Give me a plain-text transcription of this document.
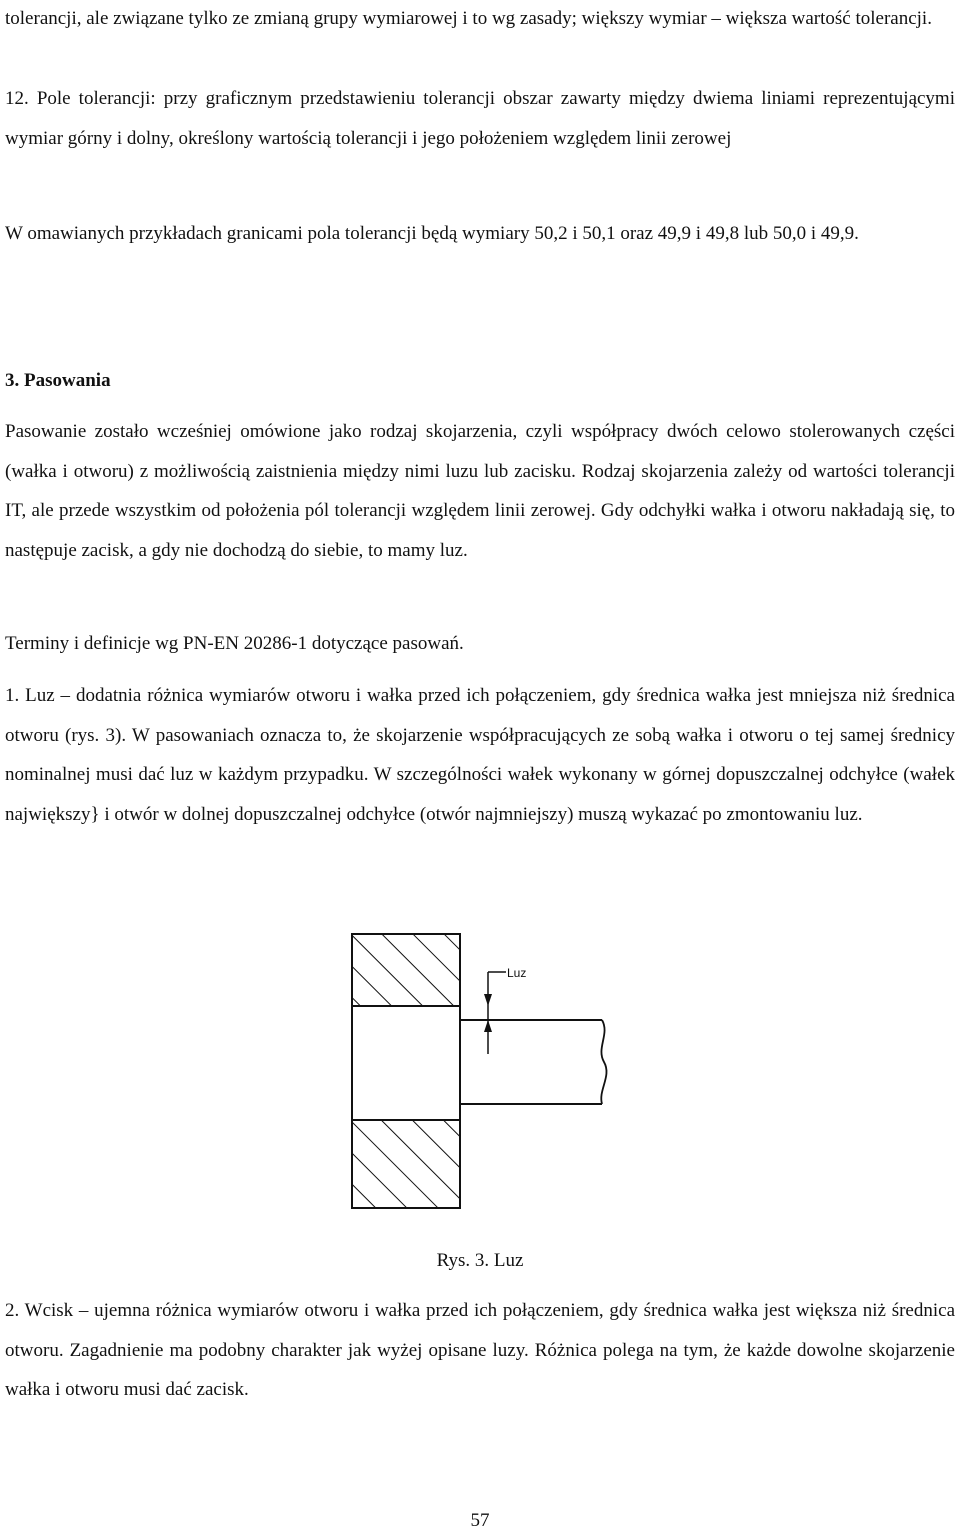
tolerancji, ale związane tylko ze zmianą grupy wymiarowej i to wg zasady; większy wymiar – większa wartość tolerancji.

12. Pole tolerancji: przy graficznym przedstawieniu tolerancji obszar zawarty między dwiema liniami reprezentującymi wymiar górny i dolny, określony wartością tolerancji i jego położeniem względem linii zerowej

W omawianych przykładach granicami pola tolerancji będą wymiary 50,2 i 50,1 oraz 49,9 i 49,8 lub 50,0 i 49,9.

3. Pasowania

Pasowanie zostało wcześniej omówione jako rodzaj skojarzenia, czyli współpracy dwóch celowo stolerowanych części (wałka i otworu) z możliwością zaistnienia między nimi luzu lub zacisku. Rodzaj skojarzenia zależy od wartości tolerancji IT, ale przede wszystkim od położenia pól tolerancji względem linii zerowej. Gdy odchyłki wałka i otworu nakładają się, to następuje zacisk, a gdy nie dochodzą do siebie, to mamy luz.

Terminy i definicje wg PN-EN 20286-1 dotyczące pasowań.

1. Luz – dodatnia różnica wymiarów otworu i wałka przed ich połączeniem, gdy średnica wałka jest mniejsza niż średnica otworu (rys. 3). W pasowaniach oznacza to, że skojarzenie współpracujących ze sobą wałka i otworu o tej samej średnicy nominalnej musi dać luz w każdym przypadku. W szczególności wałek wykonany w górnej dopuszczalnej odchyłce (wałek największy} i otwór w dolnej dopuszczalnej odchyłce (otwór najmniejszy) muszą wykazać po zmontowaniu luz.

Luz

Rys. 3. Luz

2. Wcisk – ujemna różnica wymiarów otworu i wałka przed ich połączeniem, gdy średnica wałka jest większa niż średnica otworu. Zagadnienie ma podobny charakter jak wyżej opisane luzy. Różnica polega na tym, że każde dowolne skojarzenie wałka i otworu musi dać zacisk.

57
